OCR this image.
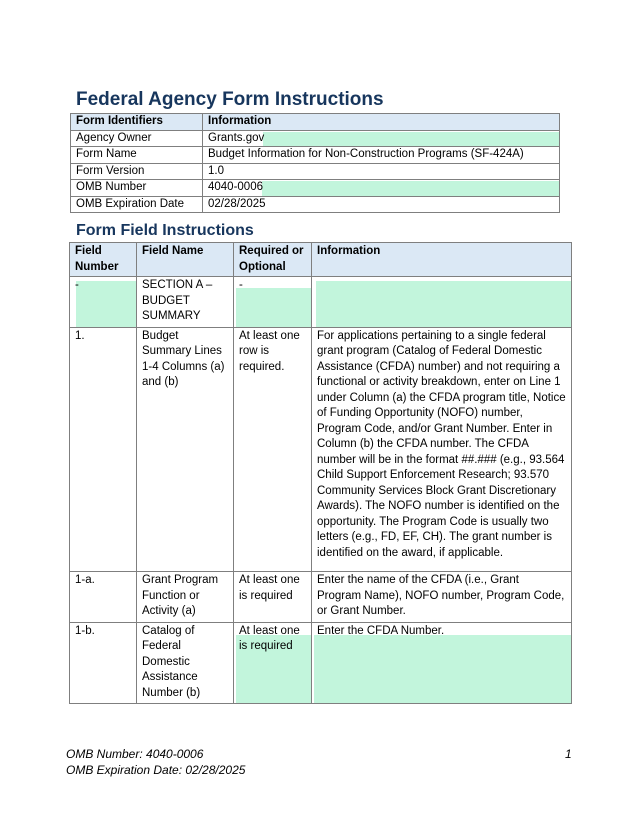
Federal Agency Form Instructions
Form Identifiers	Information
Agency Owner	Grants.gov
Form Name	Budget Information for Non-Construction Programs (SF-424A)
Form Version	1.0
OMB Number	4040-0006
OMB Expiration Date	02/28/2025
Form Field Instructions
Field Number	Field Name	Required or Optional	Information

-	SECTION A – BUDGET SUMMARY	-	

1.	Budget Summary Lines 1-4 Columns (a) and (b)	At least one row is required.	For applications pertaining to a single federal grant program (Catalog of Federal Domestic Assistance (CFDA) number) and not requiring a functional or activity breakdown, enter on Line 1 under Column (a) the CFDA program title, Notice of Funding Opportunity (NOFO) number, Program Code, and/or Grant Number. Enter in Column (b) the CFDA number. The CFDA number will be in the format ##.### (e.g., 93.564 Child Support Enforcement Research; 93.570 Community Services Block Grant Discretionary Awards). The NOFO number is identified on the opportunity. The Program Code is usually two letters (e.g., FD, EF, CH). The grant number is identified on the award, if applicable.
1-a.	Grant Program Function or Activity (a)	At least one is required	Enter the name of the CFDA (i.e., Grant Program Name), NOFO number, Program Code, or Grant Number.
1-b.	Catalog of Federal Domestic Assistance Number (b)	At least one is required	Enter the CFDA Number.
OMB Number: 4040-0006
OMB Expiration Date: 02/28/2025
1
